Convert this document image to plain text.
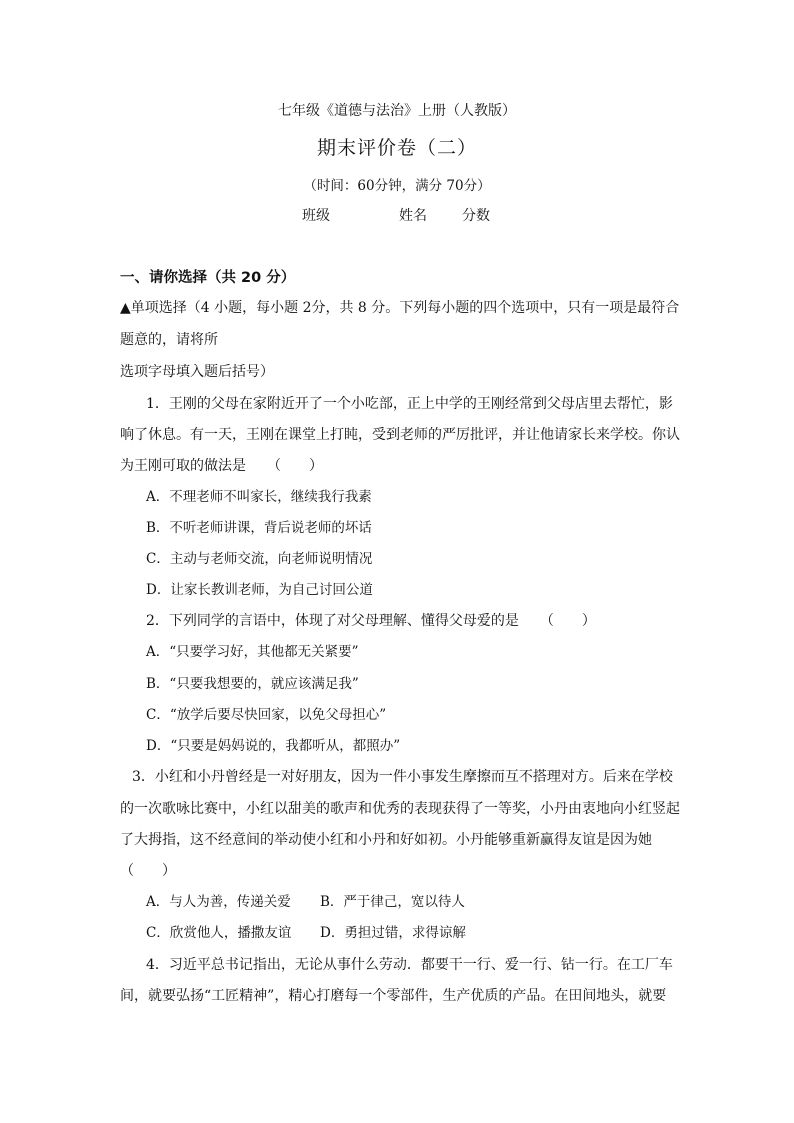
七年级《道德与法治》上册（人教版）
期末评价卷（二）
（时间：60分钟，满分 70分）
班级	姓名	分数
一、请你选择（共 20 分）
▲单项选择（4 小题，每小题 2分，共 8 分。下列每小题的四个选项中，只有一项是最符合
题意的，请将所
选项字母填入题后括号）
1．王刚的父母在家附近开了一个小吃部，正上中学的王刚经常到父母店里去帮忙，影
响了休息。有一天，王刚在课堂上打盹，受到老师的严厉批评，并让他请家长来学校。你认
为王刚可取的做法是　　（　　）
A．不理老师不叫家长，继续我行我素
B．不听老师讲课，背后说老师的坏话
C．主动与老师交流，向老师说明情况
D．让家长教训老师，为自己讨回公道
2．下列同学的言语中，体现了对父母理解、懂得父母爱的是　　（　　）
A．“只要学习好，其他都无关紧要”
B．“只要我想要的，就应该满足我”
C．“放学后要尽快回家，以免父母担心”
D．“只要是妈妈说的，我都听从，都照办”
3．小红和小丹曾经是一对好朋友，因为一件小事发生摩擦而互不搭理对方。后来在学校
的一次歌咏比赛中，小红以甜美的歌声和优秀的表现获得了一等奖，小丹由衷地向小红竖起
了大拇指，这不经意间的举动使小红和小丹和好如初。小丹能够重新赢得友谊是因为她
（　　）
A．与人为善，传递关爱 B．严于律己，宽以待人
C．欣赏他人，播撒友谊 D．勇担过错，求得谅解
4．习近平总书记指出，无论从事什么劳动．都要干一行、爱一行、钻一行。在工厂车
间，就要弘扬“工匠精神”，精心打磨每一个零部件，生产优质的产品。在田间地头，就要
